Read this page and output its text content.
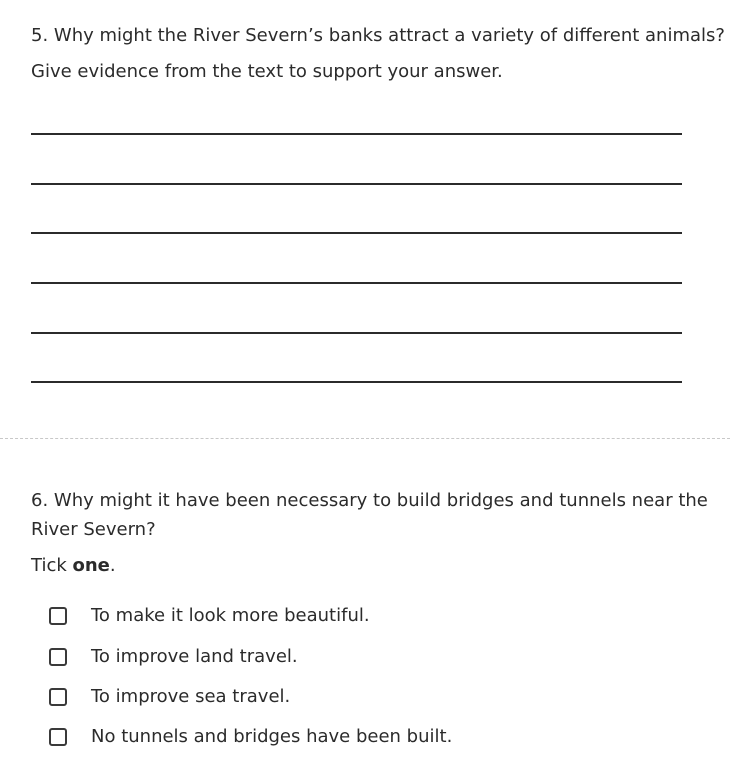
5. Why might the River Severn’s banks attract a variety of different animals?
Give evidence from the text to support your answer.
6. Why might it have been necessary to build bridges and tunnels near the
River Severn?
Tick one.
To make it look more beautiful.
To improve land travel.
To improve sea travel.
No tunnels and bridges have been built.
